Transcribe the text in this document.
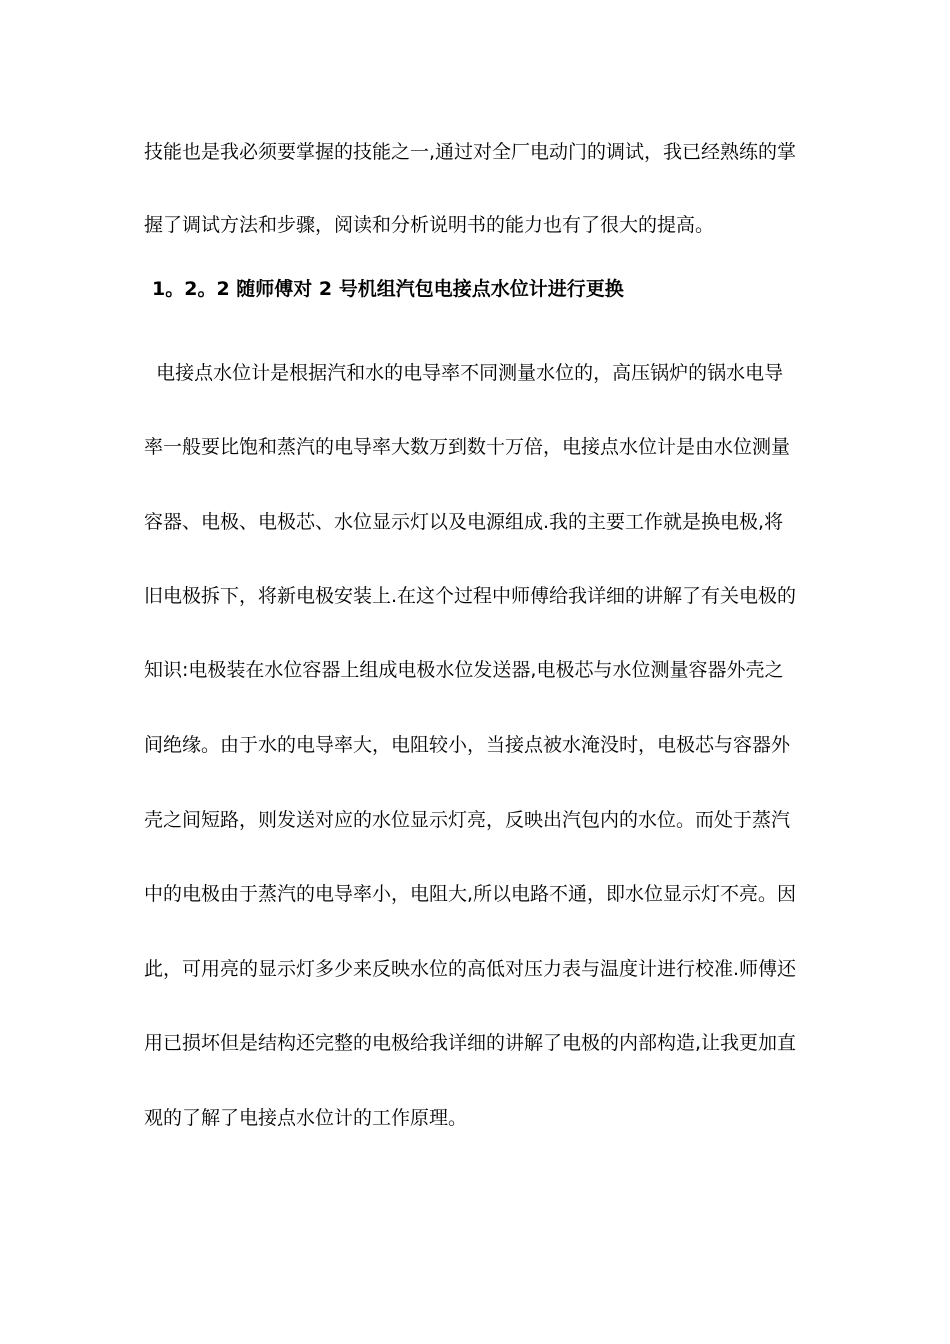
技能也是我必须要掌握的技能之一,通过对全厂电动门的调试，我已经熟练的掌
握了调试方法和步骤，阅读和分析说明书的能力也有了很大的提高。
1。2。2 随师傅对 2 号机组汽包电接点水位计进行更换
电接点水位计是根据汽和水的电导率不同测量水位的，高压锅炉的锅水电导
率一般要比饱和蒸汽的电导率大数万到数十万倍，电接点水位计是由水位测量
容器、电极、电极芯、水位显示灯以及电源组成.我的主要工作就是换电极,将
旧电极拆下，将新电极安装上.在这个过程中师傅给我详细的讲解了有关电极的
知识:电极装在水位容器上组成电极水位发送器,电极芯与水位测量容器外壳之
间绝缘。由于水的电导率大，电阻较小，当接点被水淹没时，电极芯与容器外
壳之间短路，则发送对应的水位显示灯亮，反映出汽包内的水位。而处于蒸汽
中的电极由于蒸汽的电导率小，电阻大,所以电路不通，即水位显示灯不亮。因
此，可用亮的显示灯多少来反映水位的高低对压力表与温度计进行校准.师傅还
用已损坏但是结构还完整的电极给我详细的讲解了电极的内部构造,让我更加直
观的了解了电接点水位计的工作原理。
